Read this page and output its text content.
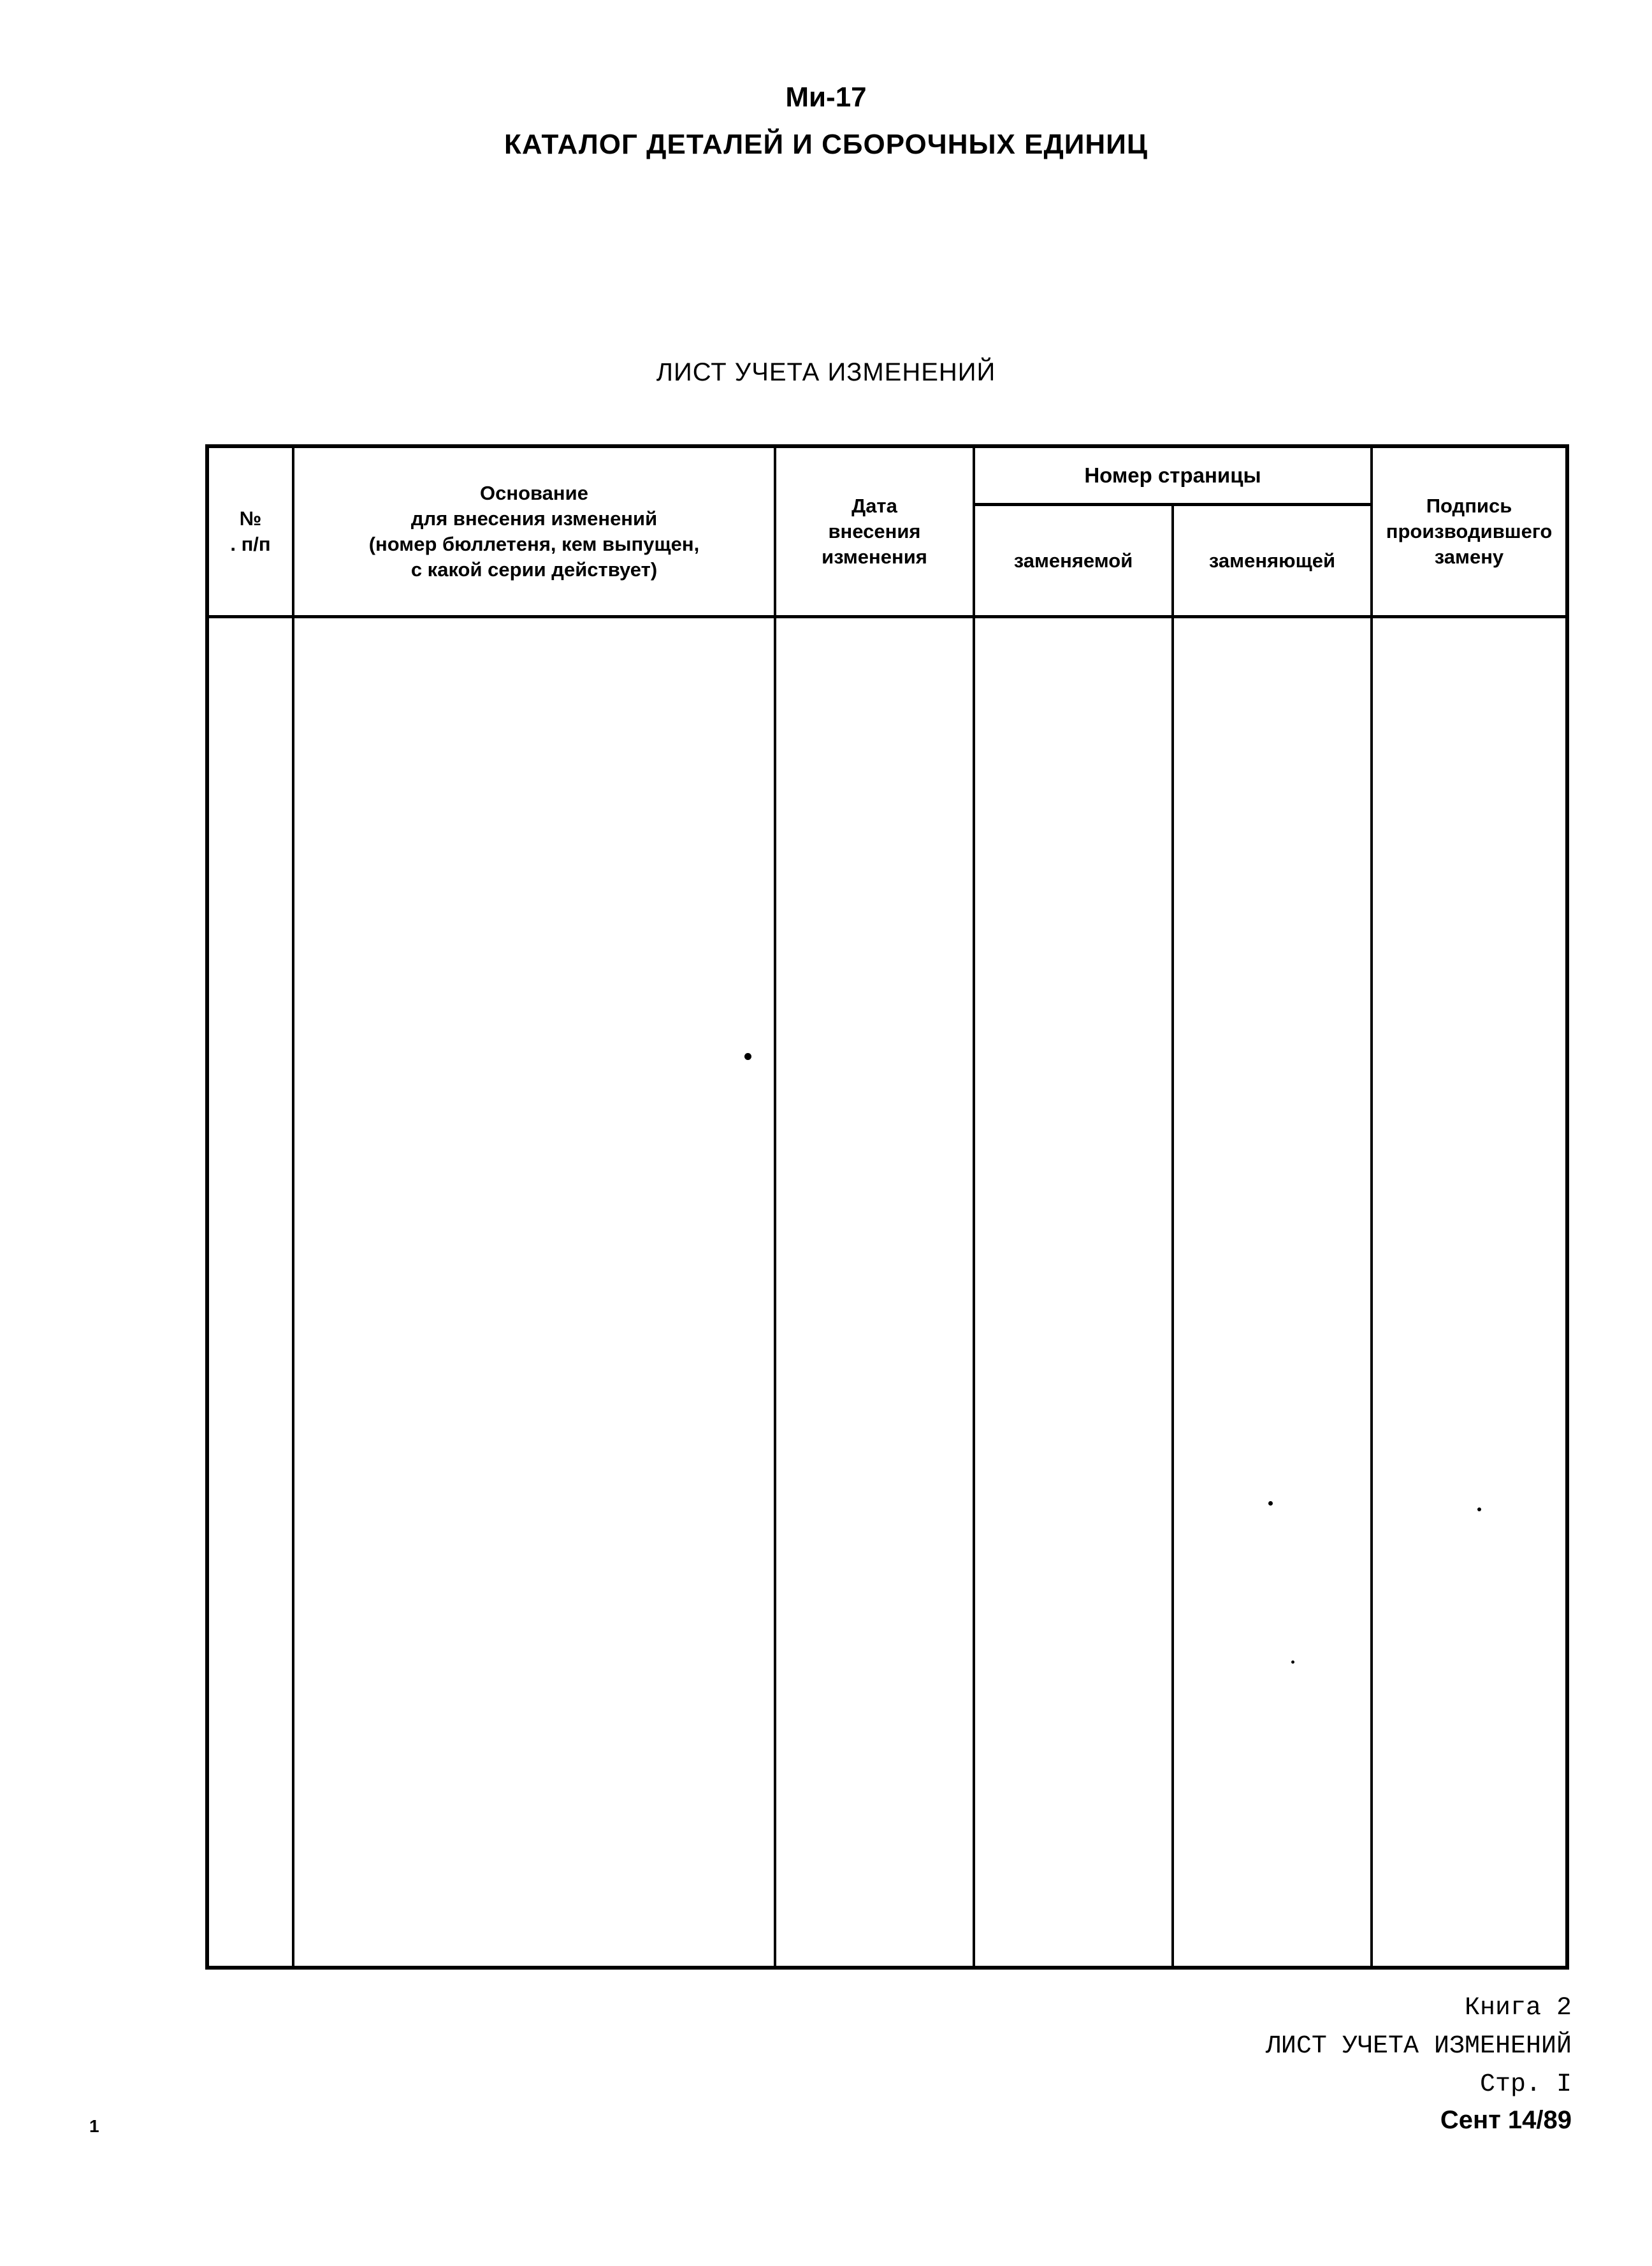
Ми-17
КАТАЛОГ ДЕТАЛЕЙ И СБОРОЧНЫХ ЕДИНИЦ
ЛИСТ УЧЕТА ИЗМЕНЕНИЙ
№
. п/п
Основание
для внесения изменений
(номер бюллетеня, кем выпущен,
с какой серии действует)
Дата
внесения
изменения
Номер страницы
заменяемой	заменяющей
Подпись
производившего
замену
Книга 2
ЛИСТ УЧЕТА ИЗМЕНЕНИЙ
Стр. I
Сент 14/89
1
